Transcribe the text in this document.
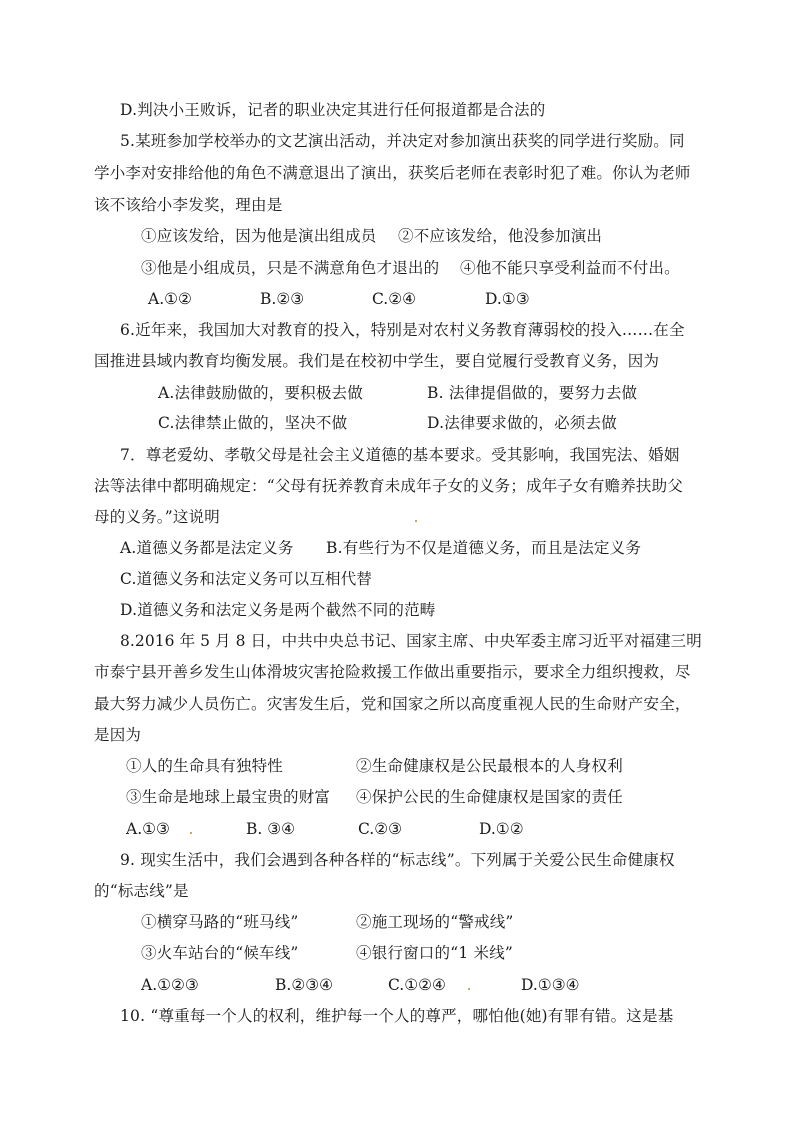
D.判决小王败诉，记者的职业决定其进行任何报道都是合法的
5.某班参加学校举办的文艺演出活动，并决定对参加演出获奖的同学进行奖励。同
学小李对安排给他的角色不满意退出了演出，获奖后老师在表彰时犯了难。你认为老师
该不该给小李发奖，理由是
①应该发给，因为他是演出组成员 ②不应该发给，他没参加演出
③他是小组成员，只是不满意角色才退出的 ④他不能只享受利益而不付出。
A.①②	B.②③	C.②④	D.①③
6.近年来，我国加大对教育的投入，特别是对农村义务教育薄弱校的投入……在全
国推进县域内教育均衡发展。我们是在校初中学生，要自觉履行受教育义务，因为
A.法律鼓励做的，要积极去做	B. 法律提倡做的，要努力去做
C.法律禁止做的，坚决不做	D.法律要求做的，必须去做
7．尊老爱幼、孝敬父母是社会主义道德的基本要求。受其影响，我国宪法、婚姻
法等法律中都明确规定：“父母有抚养教育未成年子女的义务；成年子女有赡养扶助父
母的义务。”这说明
A.道德义务都是法定义务 B.有些行为不仅是道德义务，而且是法定义务
C.道德义务和法定义务可以互相代替
D.道德义务和法定义务是两个截然不同的范畴
8.2016 年 5 月 8 日，中共中央总书记、国家主席、中央军委主席习近平对福建三明
市泰宁县开善乡发生山体滑坡灾害抢险救援工作做出重要指示，要求全力组织搜救，尽
最大努力减少人员伤亡。灾害发生后，党和国家之所以高度重视人民的生命财产安全，
是因为
①人的生命具有独特性	②生命健康权是公民最根本的人身权利
③生命是地球上最宝贵的财富 ④保护公民的生命健康权是国家的责任
A.①③	B. ③④	C.②③	D.①②
9. 现实生活中，我们会遇到各种各样的“标志线”。下列属于关爱公民生命健康权
的“标志线”是
①横穿马路的“班马线”	②施工现场的“警戒线”
③火车站台的“候车线”	④银行窗口的“1 米线”
A.①②③	B.②③④	C.①②④	D.①③④
10. “尊重每一个人的权利，维护每一个人的尊严，哪怕他(她)有罪有错。这是基
